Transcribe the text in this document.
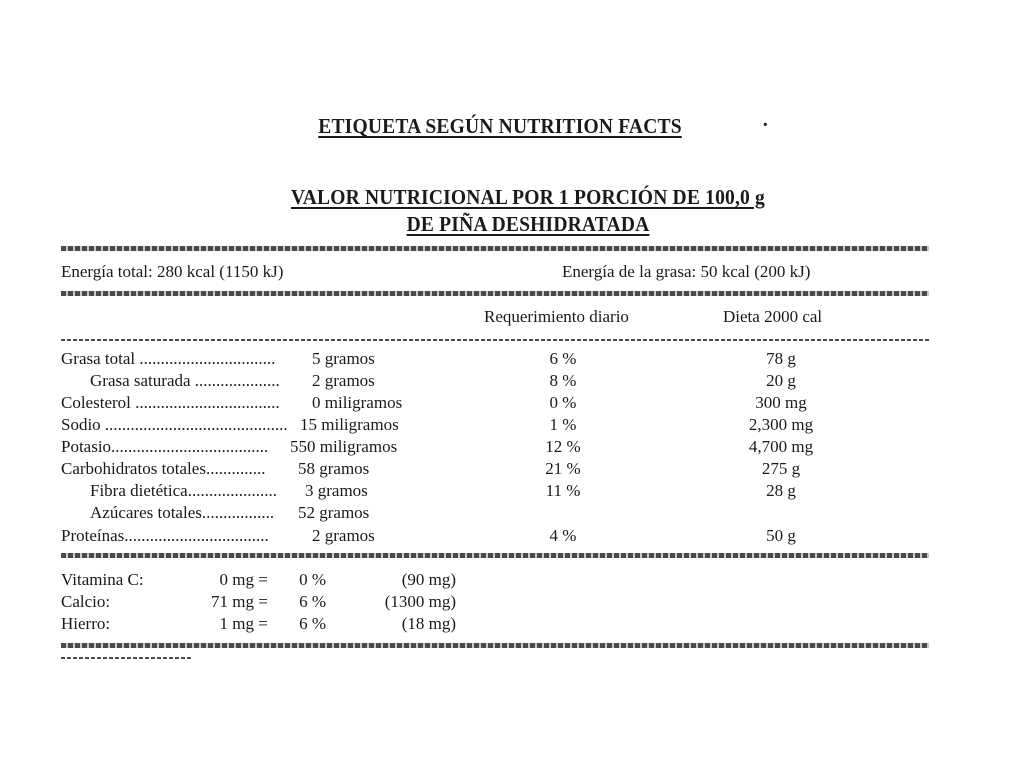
ETIQUETA SEGÚN NUTRITION FACTS	·
VALOR NUTRICIONAL POR 1 PORCIÓN DE 100,0 g
DE PIÑA DESHIDRATADA
Energía total: 280 kcal (1150 kJ)	Energía de la grasa: 50 kcal (200 kJ)
Requerimiento diario	Dieta 2000 cal
Grasa total ................................ 5 gramos	6 %	78 g
Grasa saturada .................... 2 gramos	8 %	20 g
Colesterol .................................. 0 miligramos	0 %	300 mg
Sodio ........................................... 15 miligramos	1 %	2,300 mg
Potasio..................................... 550 miligramos	12 %	4,700 mg
Carbohidratos totales.............. 58 gramos	21 %	275 g
Fibra dietética..................... 3 gramos	11 %	28 g
Azúcares totales................. 52 gramos
Proteínas..................................	2 gramos	4 %	50 g
Vitamina C:	0 mg =	0 %	(90 mg)
Calcio:	71 mg =	6 %	(1300 mg)
Hierro:	1 mg =	6 %	(18 mg)
